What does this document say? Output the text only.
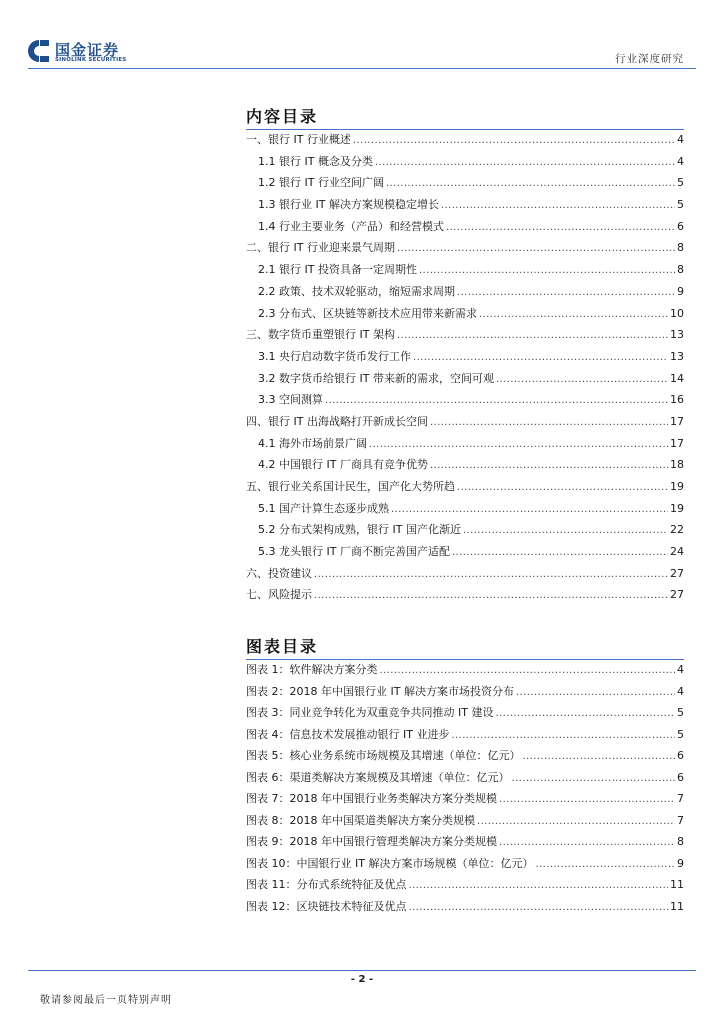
国金证券
SINOLINK SECURITIES	行业深度研究
内容目录
一、银行 IT 行业概述 .....	4
1.1 银行 IT 概念及分类 .....	4
1.2 银行 IT 行业空间广阔 .....	5
1.3 银行业 IT 解决方案规模稳定增长 .....	5
1.4 行业主要业务（产品）和经营模式 .....	6
二、银行 IT 行业迎来景气周期 .....	8
2.1 银行 IT 投资具备一定周期性 .....	8
2.2 政策、技术双轮驱动，缩短需求周期 .....	9
2.3 分布式、区块链等新技术应用带来新需求 .....	10
三、数字货币重塑银行 IT 架构 .....	13
3.1 央行启动数字货币发行工作 .....	13
3.2 数字货币给银行 IT 带来新的需求，空间可观 .....	14
3.3 空间测算 .....	16
四、银行 IT 出海战略打开新成长空间 .....	17
4.1 海外市场前景广阔 .....	17
4.2 中国银行 IT 厂商具有竞争优势 .....	18
五、银行业关系国计民生，国产化大势所趋 .....	19
5.1 国产计算生态逐步成熟 .....	19
5.2 分布式架构成熟，银行 IT 国产化渐近 .....	22
5.3 龙头银行 IT 厂商不断完善国产适配 .....	24
六、投资建议 .....	27
七、风险提示 .....	27
图表目录
图表 1：软件解决方案分类 .....	4
图表 2：2018 年中国银行业 IT 解决方案市场投资分布 .....	4
图表 3：同业竞争转化为双重竞争共同推动 IT 建设 .....	5
图表 4：信息技术发展推动银行 IT 业进步 .....	5
图表 5：核心业务系统市场规模及其增速（单位：亿元） .....	6
图表 6：渠道类解决方案规模及其增速（单位：亿元） .....	6
图表 7：2018 年中国银行业务类解决方案分类规模 .....	7
图表 8：2018 年中国渠道类解决方案分类规模 .....	7
图表 9：2018 年中国银行管理类解决方案分类规模 .....	8
图表 10：中国银行业 IT 解决方案市场规模（单位：亿元） .....	9
图表 11：分布式系统特征及优点 .....	11
图表 12：区块链技术特征及优点 .....	11
- 2 -
敬请参阅最后一页特别声明
